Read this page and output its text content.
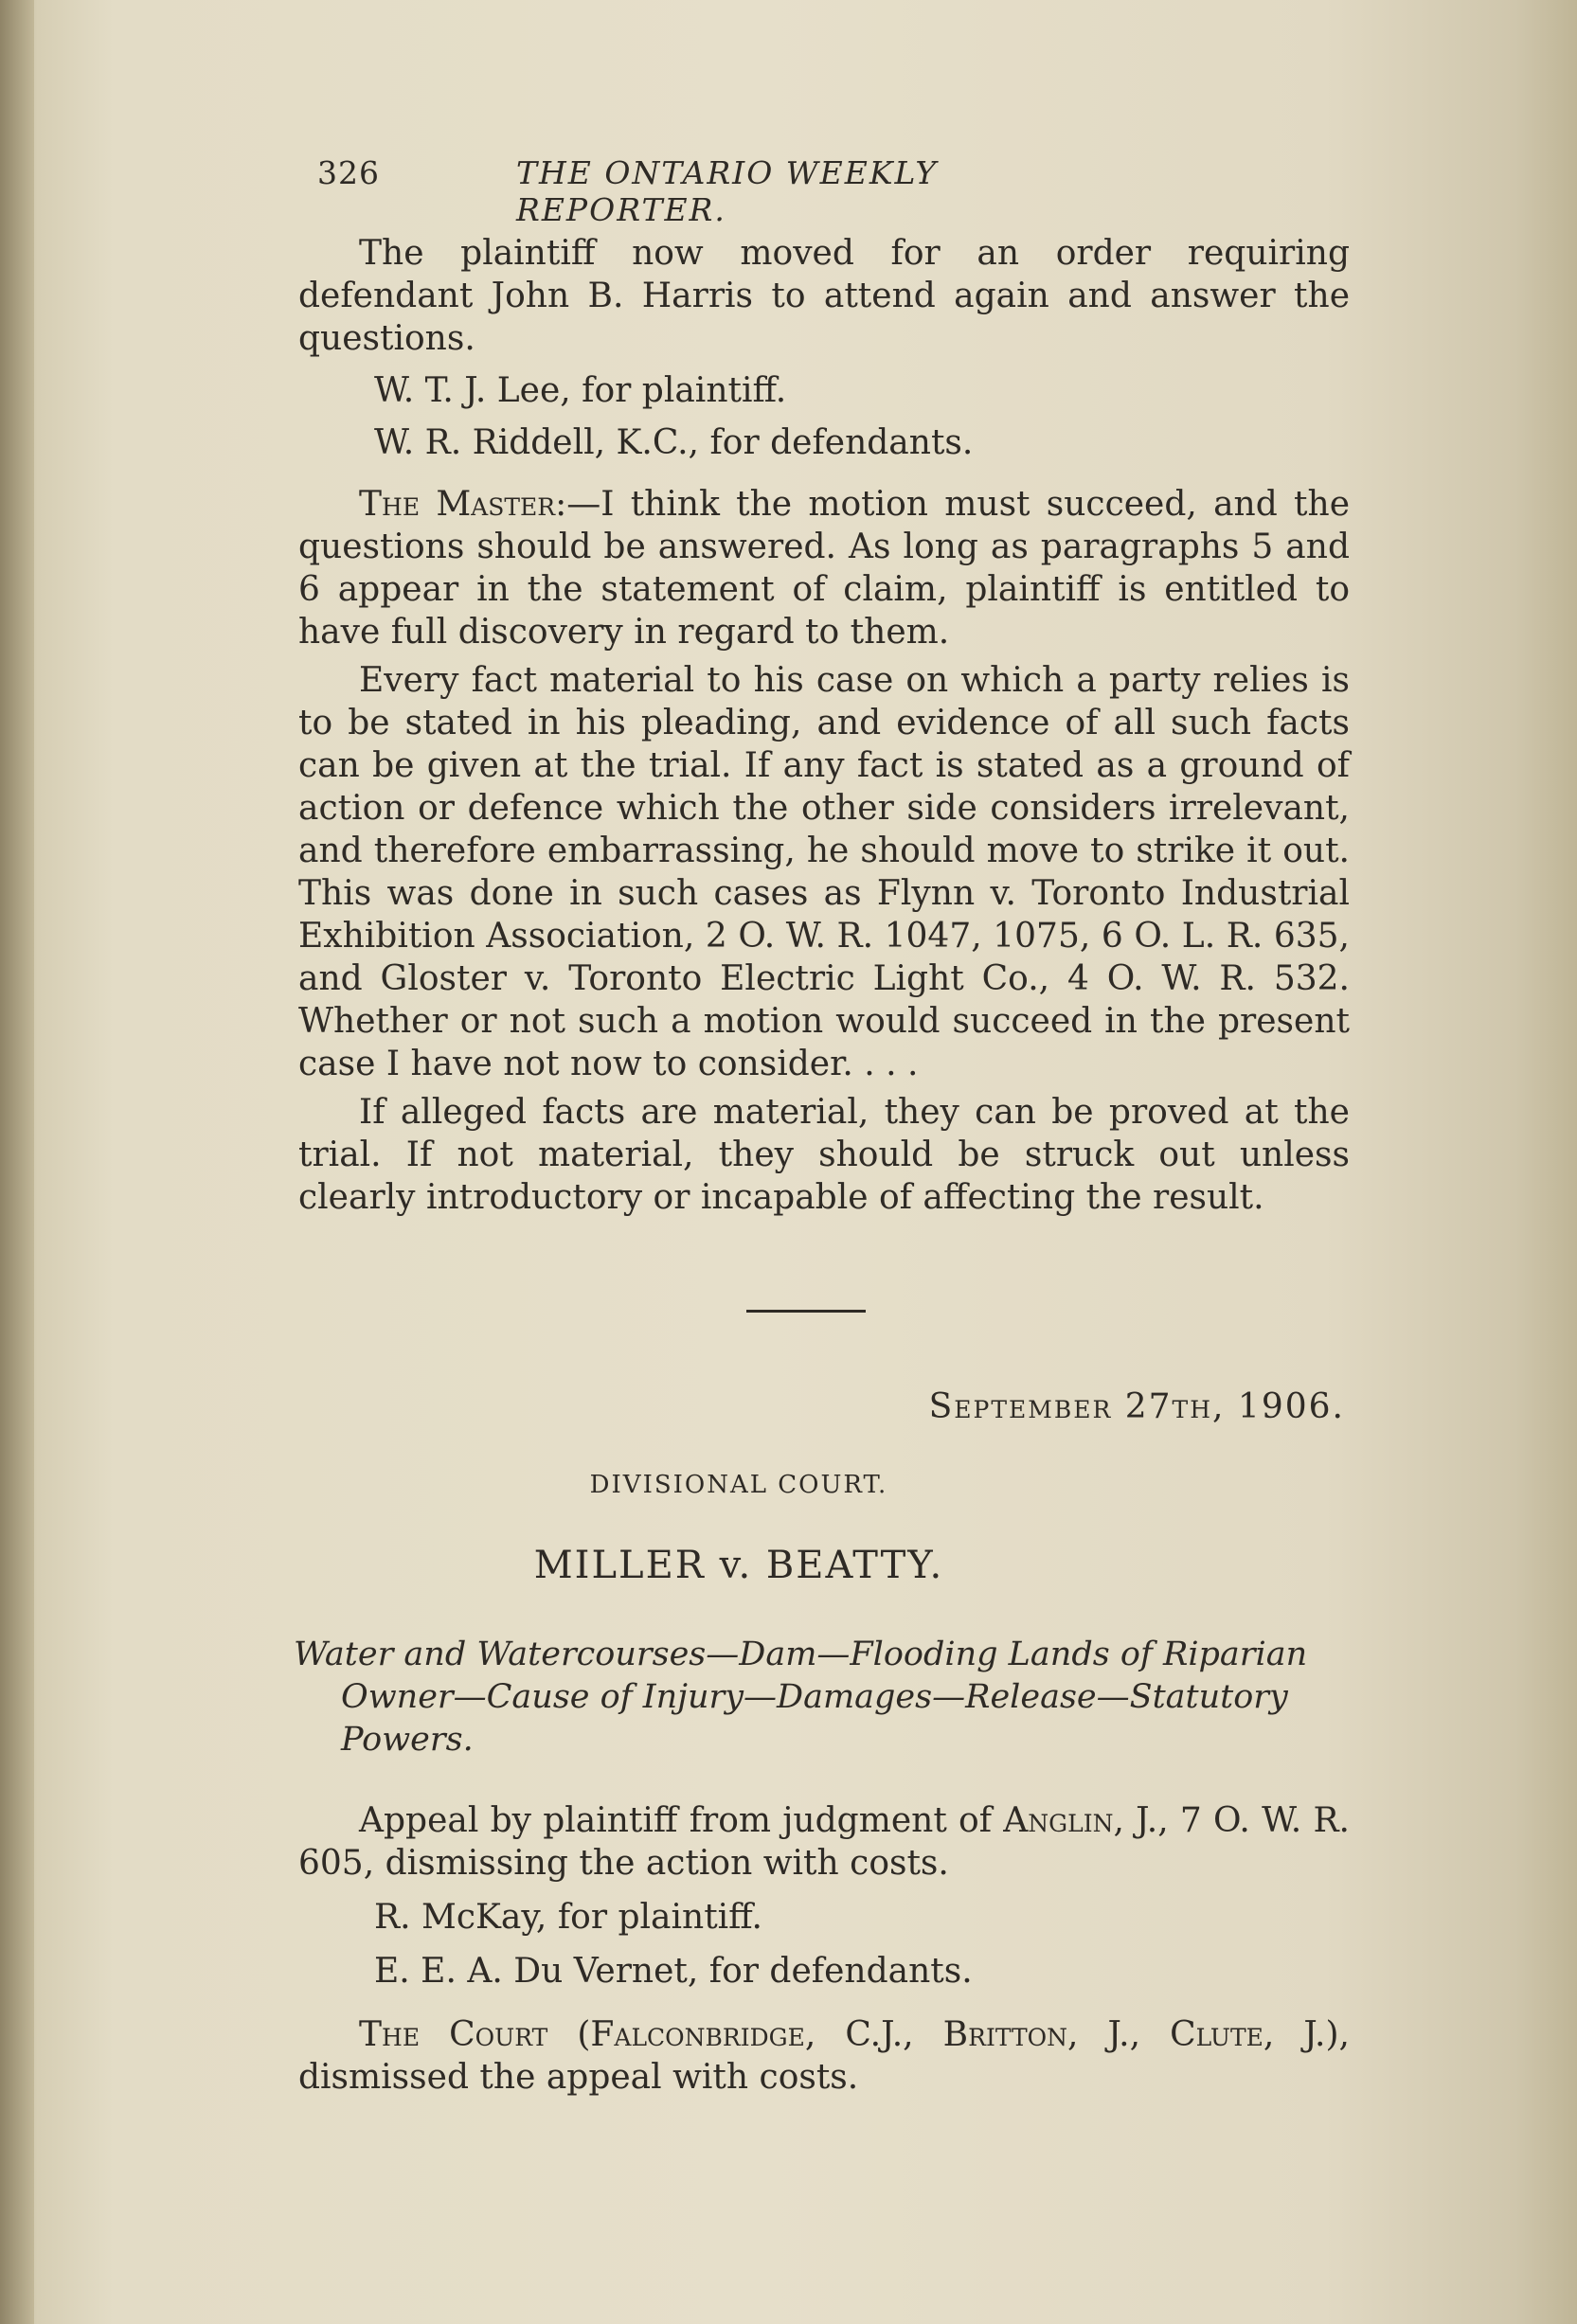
326	THE ONTARIO WEEKLY REPORTER.

The plaintiff now moved for an order requiring defendant John B. Harris to attend again and answer the questions.

W. T. J. Lee, for plaintiff.

W. R. Riddell, K.C., for defendants.

The Master:—I think the motion must succeed, and the questions should be answered. As long as paragraphs 5 and 6 appear in the statement of claim, plaintiff is entitled to have full discovery in regard to them.

Every fact material to his case on which a party relies is to be stated in his pleading, and evidence of all such facts can be given at the trial. If any fact is stated as a ground of action or defence which the other side considers irrelevant, and therefore embarrassing, he should move to strike it out. This was done in such cases as Flynn v. Toronto Industrial Exhibition Association, 2 O. W. R. 1047, 1075, 6 O. L. R. 635, and Gloster v. Toronto Electric Light Co., 4 O. W. R. 532. Whether or not such a motion would succeed in the present case I have not now to consider. . . .

If alleged facts are material, they can be proved at the trial. If not material, they should be struck out unless clearly introductory or incapable of affecting the result.

September 27th, 1906.
DIVISIONAL COURT.
MILLER v. BEATTY.
Water and Watercourses—Dam—Flooding Lands of Riparian Owner—Cause of Injury—Damages—Release—Statutory Powers.

Appeal by plaintiff from judgment of Anglin, J., 7 O. W. R. 605, dismissing the action with costs.

R. McKay, for plaintiff.

E. E. A. Du Vernet, for defendants.

The Court (Falconbridge, C.J., Britton, J., Clute, J.), dismissed the appeal with costs.
